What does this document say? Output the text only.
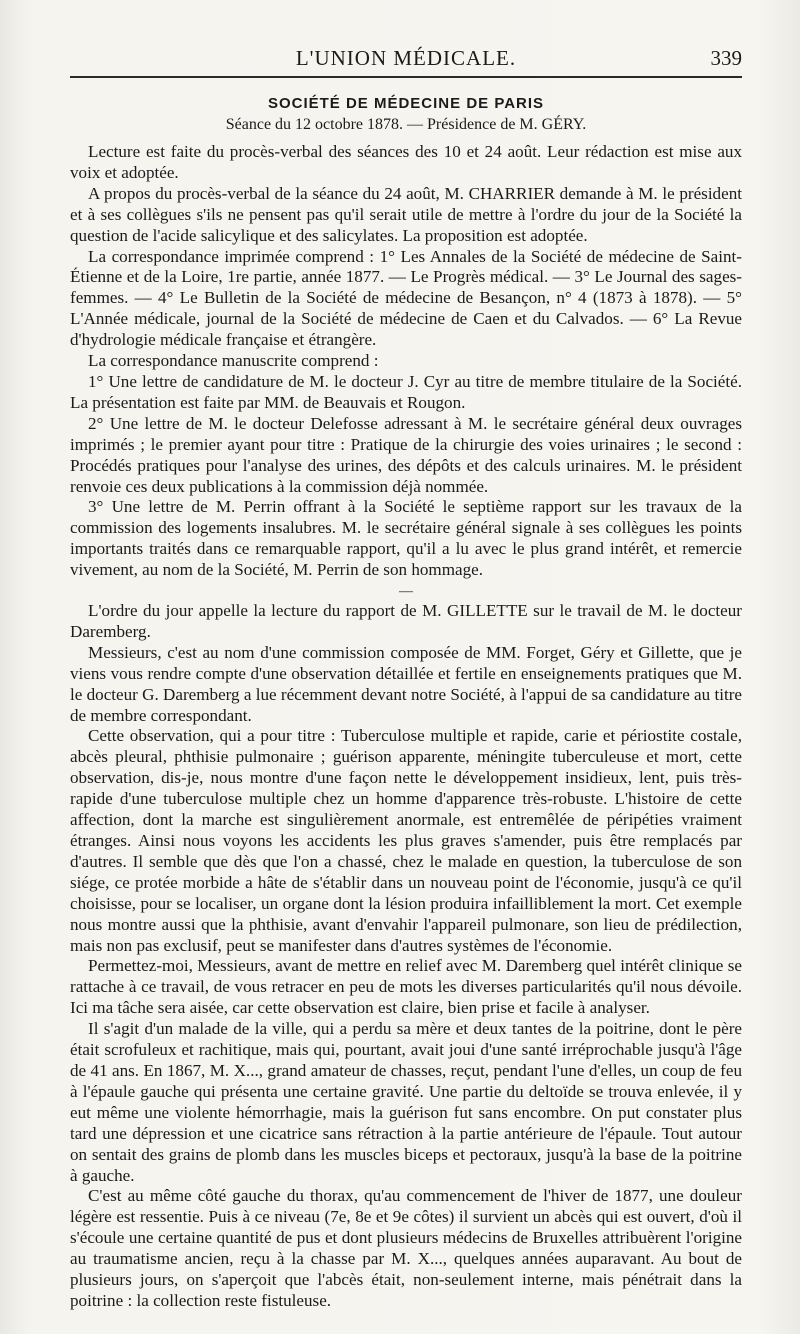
L'UNION MÉDICALE.	339
SOCIÉTÉ DE MÉDECINE DE PARIS
Séance du 12 octobre 1878. — Présidence de M. GÉRY.

Lecture est faite du procès-verbal des séances des 10 et 24 août. Leur rédaction est mise aux voix et adoptée.

A propos du procès-verbal de la séance du 24 août, M. CHARRIER demande à M. le président et à ses collègues s'ils ne pensent pas qu'il serait utile de mettre à l'ordre du jour de la Société la question de l'acide salicylique et des salicylates. La proposition est adoptée.

La correspondance imprimée comprend : 1° Les Annales de la Société de médecine de Saint-Étienne et de la Loire, 1re partie, année 1877. — Le Progrès médical. — 3° Le Journal des sages-femmes. — 4° Le Bulletin de la Société de médecine de Besançon, n° 4 (1873 à 1878). — 5° L'Année médicale, journal de la Société de médecine de Caen et du Calvados. — 6° La Revue d'hydrologie médicale française et étrangère.

La correspondance manuscrite comprend :

1° Une lettre de candidature de M. le docteur J. Cyr au titre de membre titulaire de la Société. La présentation est faite par MM. de Beauvais et Rougon.

2° Une lettre de M. le docteur Delefosse adressant à M. le secrétaire général deux ouvrages imprimés ; le premier ayant pour titre : Pratique de la chirurgie des voies urinaires ; le second : Procédés pratiques pour l'analyse des urines, des dépôts et des calculs urinaires. M. le président renvoie ces deux publications à la commission déjà nommée.

3° Une lettre de M. Perrin offrant à la Société le septième rapport sur les travaux de la commission des logements insalubres. M. le secrétaire général signale à ses collègues les points importants traités dans ce remarquable rapport, qu'il a lu avec le plus grand intérêt, et remercie vivement, au nom de la Société, M. Perrin de son hommage.

—

L'ordre du jour appelle la lecture du rapport de M. GILLETTE sur le travail de M. le docteur Daremberg.

Messieurs, c'est au nom d'une commission composée de MM. Forget, Géry et Gillette, que je viens vous rendre compte d'une observation détaillée et fertile en enseignements pratiques que M. le docteur G. Daremberg a lue récemment devant notre Société, à l'appui de sa candidature au titre de membre correspondant.

Cette observation, qui a pour titre : Tuberculose multiple et rapide, carie et périostite costale, abcès pleural, phthisie pulmonaire ; guérison apparente, méningite tuberculeuse et mort, cette observation, dis-je, nous montre d'une façon nette le développement insidieux, lent, puis très-rapide d'une tuberculose multiple chez un homme d'apparence très-robuste. L'histoire de cette affection, dont la marche est singulièrement anormale, est entremêlée de péripéties vraiment étranges. Ainsi nous voyons les accidents les plus graves s'amender, puis être remplacés par d'autres. Il semble que dès que l'on a chassé, chez le malade en question, la tuberculose de son siége, ce protée morbide a hâte de s'établir dans un nouveau point de l'économie, jusqu'à ce qu'il choisisse, pour se localiser, un organe dont la lésion produira infailliblement la mort. Cet exemple nous montre aussi que la phthisie, avant d'envahir l'appareil pulmonare, son lieu de prédilection, mais non pas exclusif, peut se manifester dans d'autres systèmes de l'économie.

Permettez-moi, Messieurs, avant de mettre en relief avec M. Daremberg quel intérêt clinique se rattache à ce travail, de vous retracer en peu de mots les diverses particularités qu'il nous dévoile. Ici ma tâche sera aisée, car cette observation est claire, bien prise et facile à analyser.

Il s'agit d'un malade de la ville, qui a perdu sa mère et deux tantes de la poitrine, dont le père était scrofuleux et rachitique, mais qui, pourtant, avait joui d'une santé irréprochable jusqu'à l'âge de 41 ans. En 1867, M. X..., grand amateur de chasses, reçut, pendant l'une d'elles, un coup de feu à l'épaule gauche qui présenta une certaine gravité. Une partie du deltoïde se trouva enlevée, il y eut même une violente hémorrhagie, mais la guérison fut sans encombre. On put constater plus tard une dépression et une cicatrice sans rétraction à la partie antérieure de l'épaule. Tout autour on sentait des grains de plomb dans les muscles biceps et pectoraux, jusqu'à la base de la poitrine à gauche.

C'est au même côté gauche du thorax, qu'au commencement de l'hiver de 1877, une douleur légère est ressentie. Puis à ce niveau (7e, 8e et 9e côtes) il survient un abcès qui est ouvert, d'où il s'écoule une certaine quantité de pus et dont plusieurs médecins de Bruxelles attribuèrent l'origine au traumatisme ancien, reçu à la chasse par M. X..., quelques années auparavant. Au bout de plusieurs jours, on s'aperçoit que l'abcès était, non-seulement interne, mais pénétrait dans la poitrine : la collection reste fistuleuse.
